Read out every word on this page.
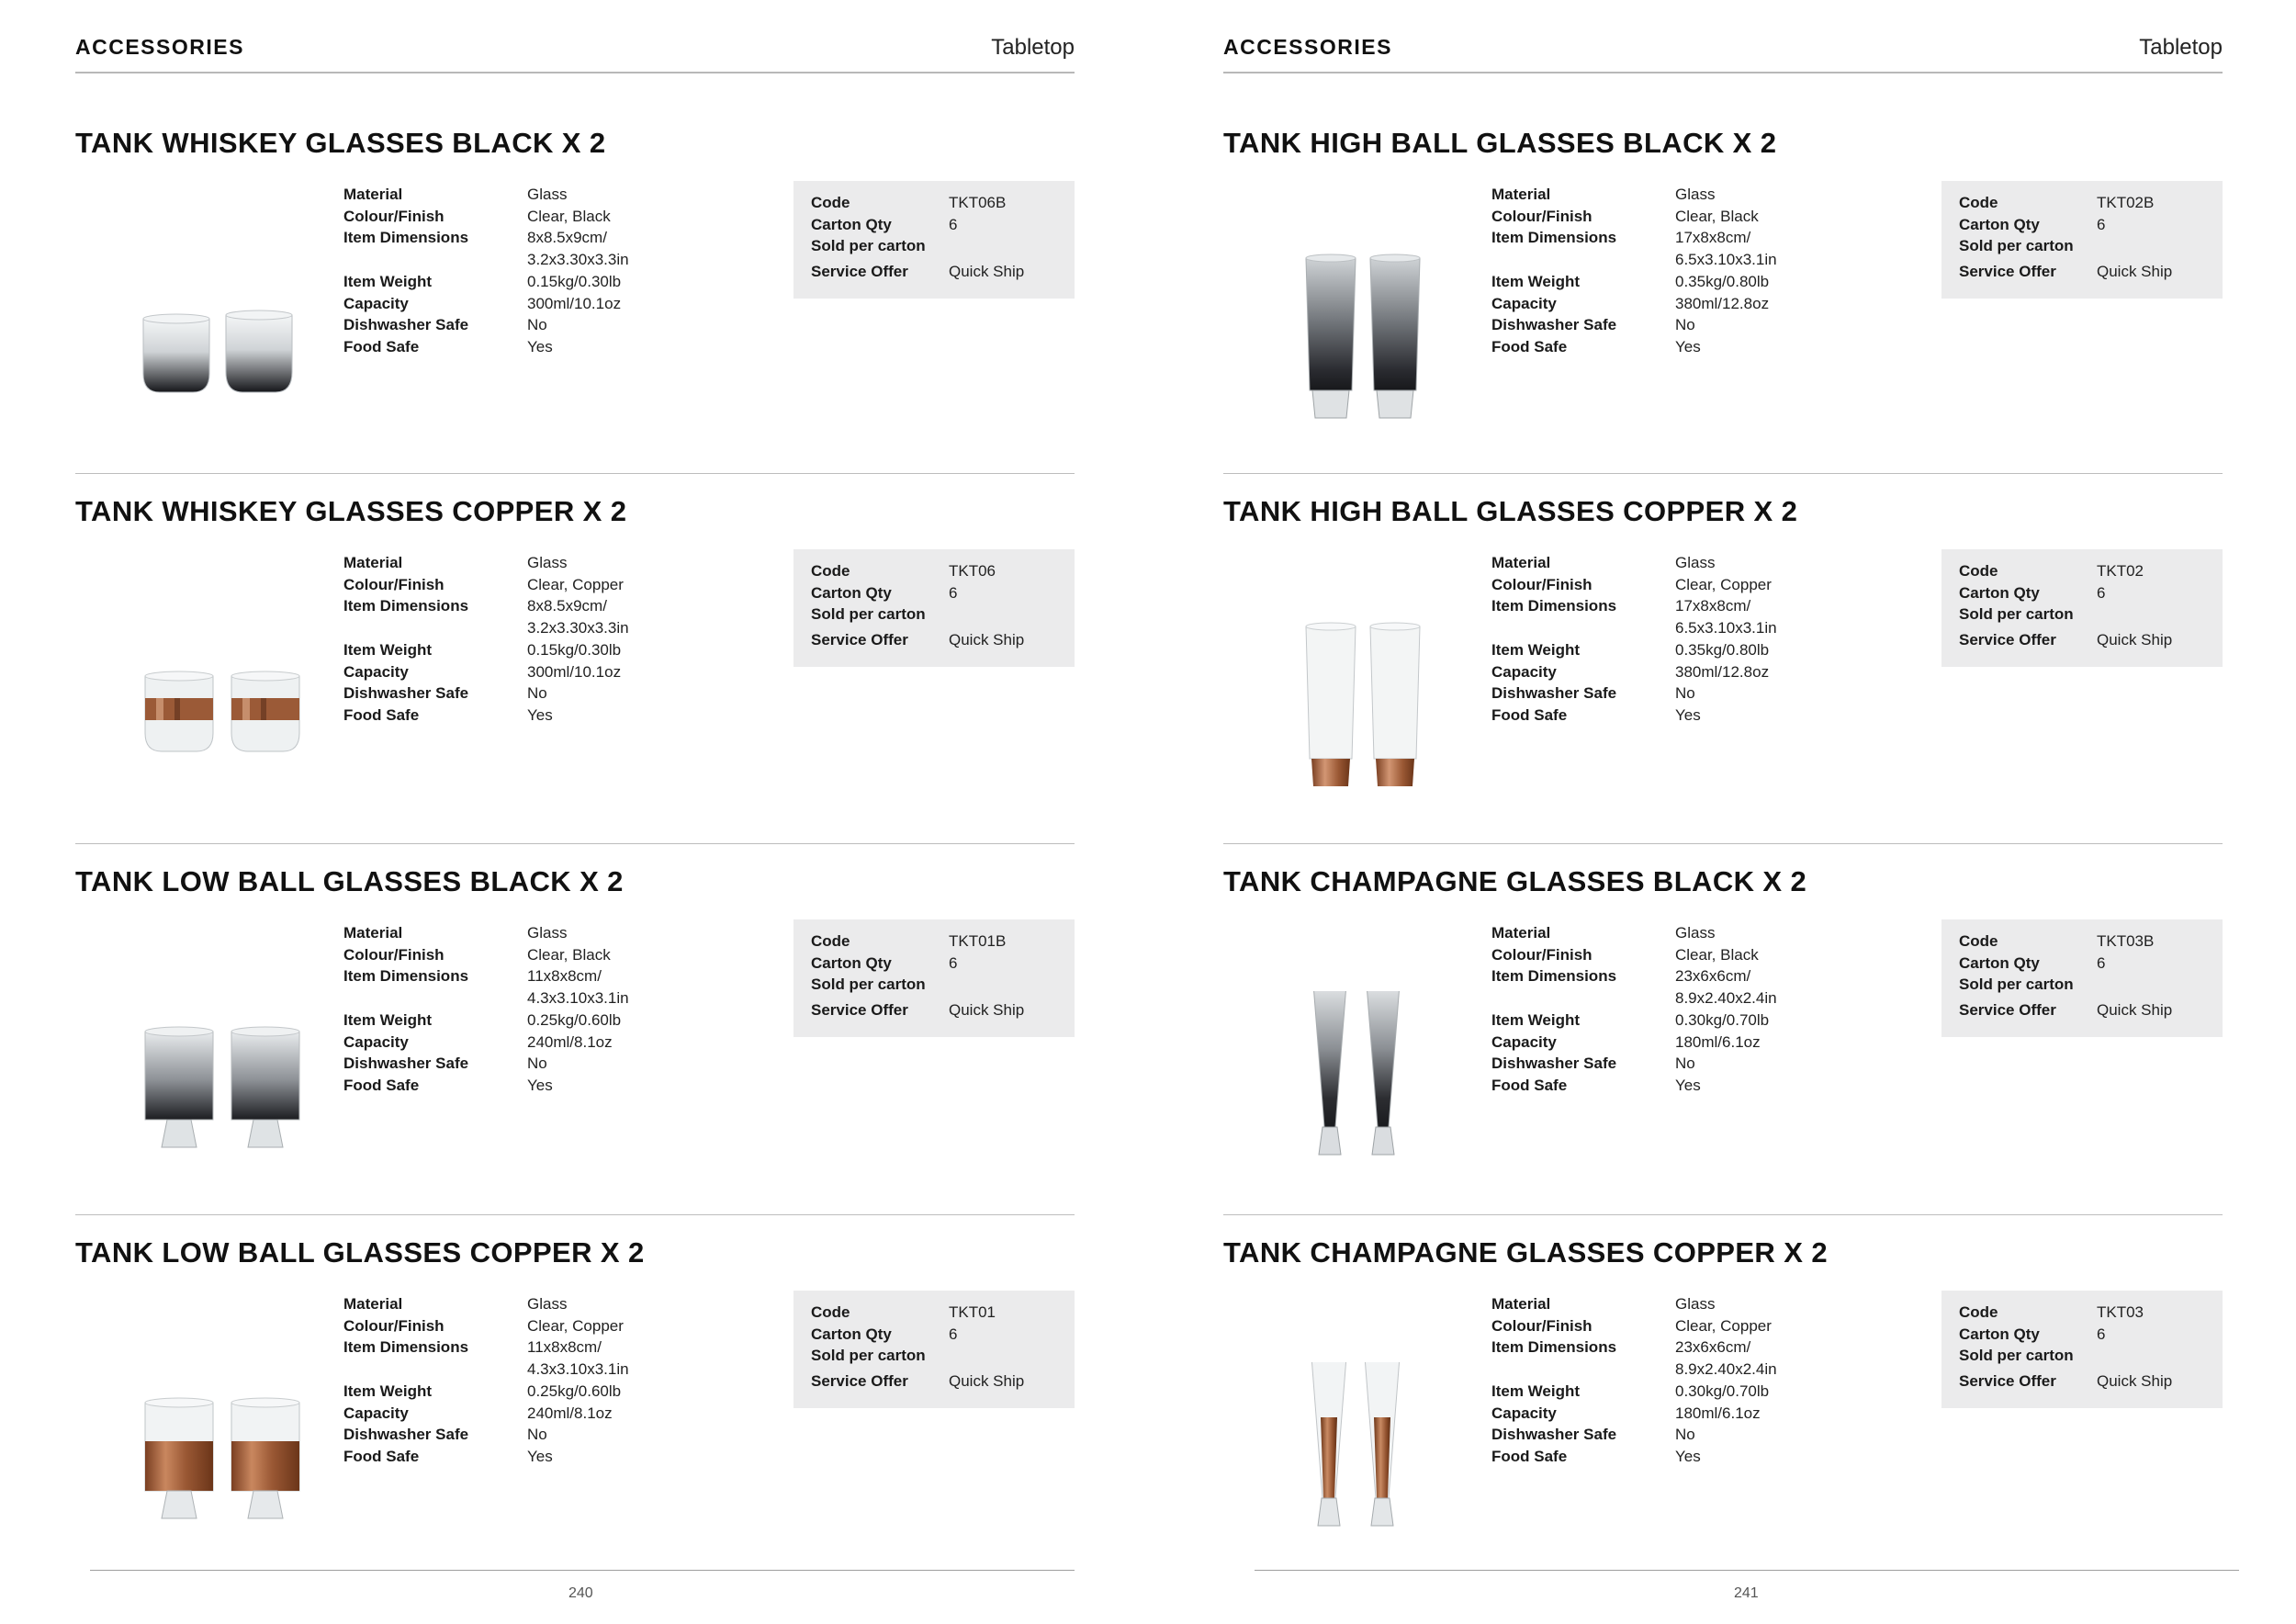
ACCESSORIES	Tabletop
TANK WHISKEY GLASSES BLACK X 2
Material	Glass
Colour/Finish	Clear, Black
Item Dimensions	8x8.5x9cm/ 3.2x3.30x3.3in
Item Weight	0.15kg/0.30lb
Capacity	300ml/10.1oz
Dishwasher Safe	No
Food Safe	Yes
Code	TKT06B
Carton Qty	6
Sold per carton
Service Offer	Quick Ship
TANK WHISKEY GLASSES COPPER X 2
Material	Glass
Colour/Finish	Clear, Copper
Item Dimensions	8x8.5x9cm/ 3.2x3.30x3.3in
Item Weight	0.15kg/0.30lb
Capacity	300ml/10.1oz
Dishwasher Safe	No
Food Safe	Yes
Code	TKT06
Carton Qty	6
Sold per carton
Service Offer	Quick Ship
TANK LOW BALL GLASSES BLACK X 2
Material	Glass
Colour/Finish	Clear, Black
Item Dimensions	11x8x8cm/ 4.3x3.10x3.1in
Item Weight	0.25kg/0.60lb
Capacity	240ml/8.1oz
Dishwasher Safe	No
Food Safe	Yes
Code	TKT01B
Carton Qty	6
Sold per carton
Service Offer	Quick Ship
TANK LOW BALL GLASSES COPPER X 2
Material	Glass
Colour/Finish	Clear, Copper
Item Dimensions	11x8x8cm/ 4.3x3.10x3.1in
Item Weight	0.25kg/0.60lb
Capacity	240ml/8.1oz
Dishwasher Safe	No
Food Safe	Yes
Code	TKT01
Carton Qty	6
Sold per carton
Service Offer	Quick Ship
240
ACCESSORIES	Tabletop
TANK HIGH BALL GLASSES BLACK X 2
Material	Glass
Colour/Finish	Clear, Black
Item Dimensions	17x8x8cm/ 6.5x3.10x3.1in
Item Weight	0.35kg/0.80lb
Capacity	380ml/12.8oz
Dishwasher Safe	No
Food Safe	Yes
Code	TKT02B
Carton Qty	6
Sold per carton
Service Offer	Quick Ship
TANK HIGH BALL GLASSES COPPER X 2
Material	Glass
Colour/Finish	Clear, Copper
Item Dimensions	17x8x8cm/ 6.5x3.10x3.1in
Item Weight	0.35kg/0.80lb
Capacity	380ml/12.8oz
Dishwasher Safe	No
Food Safe	Yes
Code	TKT02
Carton Qty	6
Sold per carton
Service Offer	Quick Ship
TANK CHAMPAGNE GLASSES BLACK X 2
Material	Glass
Colour/Finish	Clear, Black
Item Dimensions	23x6x6cm/ 8.9x2.40x2.4in
Item Weight	0.30kg/0.70lb
Capacity	180ml/6.1oz
Dishwasher Safe	No
Food Safe	Yes
Code	TKT03B
Carton Qty	6
Sold per carton
Service Offer	Quick Ship
TANK CHAMPAGNE GLASSES COPPER X 2
Material	Glass
Colour/Finish	Clear, Copper
Item Dimensions	23x6x6cm/ 8.9x2.40x2.4in
Item Weight	0.30kg/0.70lb
Capacity	180ml/6.1oz
Dishwasher Safe	No
Food Safe	Yes
Code	TKT03
Carton Qty	6
Sold per carton
Service Offer	Quick Ship
241
